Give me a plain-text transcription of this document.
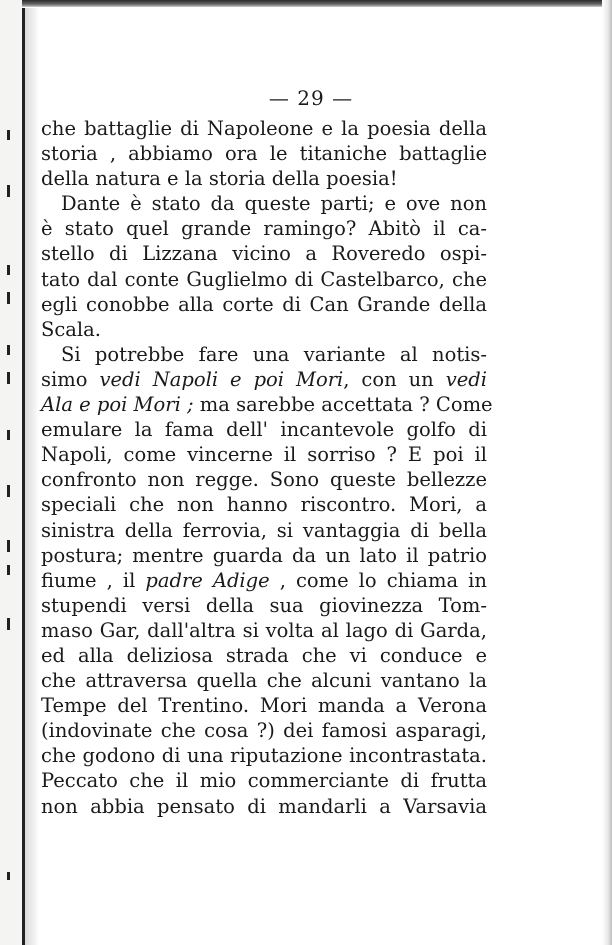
— 29 —
che battaglie di Napoleone e la poesia della
storia , abbiamo ora le titaniche battaglie
della natura e la storia della poesia!
Dante è stato da queste parti; e ove non
è stato quel grande ramingo? Abitò il ca-
stello di Lizzana vicino a Roveredo ospi-
tato dal conte Guglielmo di Castelbarco, che
egli conobbe alla corte di Can Grande della
Scala.
Si potrebbe fare una variante al notis-
simo vedi Napoli e poi Mori, con un vedi
Ala e poi Mori ; ma sarebbe accettata ? Come
emulare la fama dell' incantevole golfo di
Napoli, come vincerne il sorriso ? E poi il
confronto non regge. Sono queste bellezze
speciali che non hanno riscontro. Mori, a
sinistra della ferrovia, si vantaggia di bella
postura; mentre guarda da un lato il patrio
fiume , il padre Adige , come lo chiama in
stupendi versi della sua giovinezza Tom-
maso Gar, dall'altra si volta al lago di Garda,
ed alla deliziosa strada che vi conduce e
che attraversa quella che alcuni vantano la
Tempe del Trentino. Mori manda a Verona
(indovinate che cosa ?) dei famosi asparagi,
che godono di una riputazione incontrastata.
Peccato che il mio commerciante di frutta
non abbia pensato di mandarli a Varsavia
